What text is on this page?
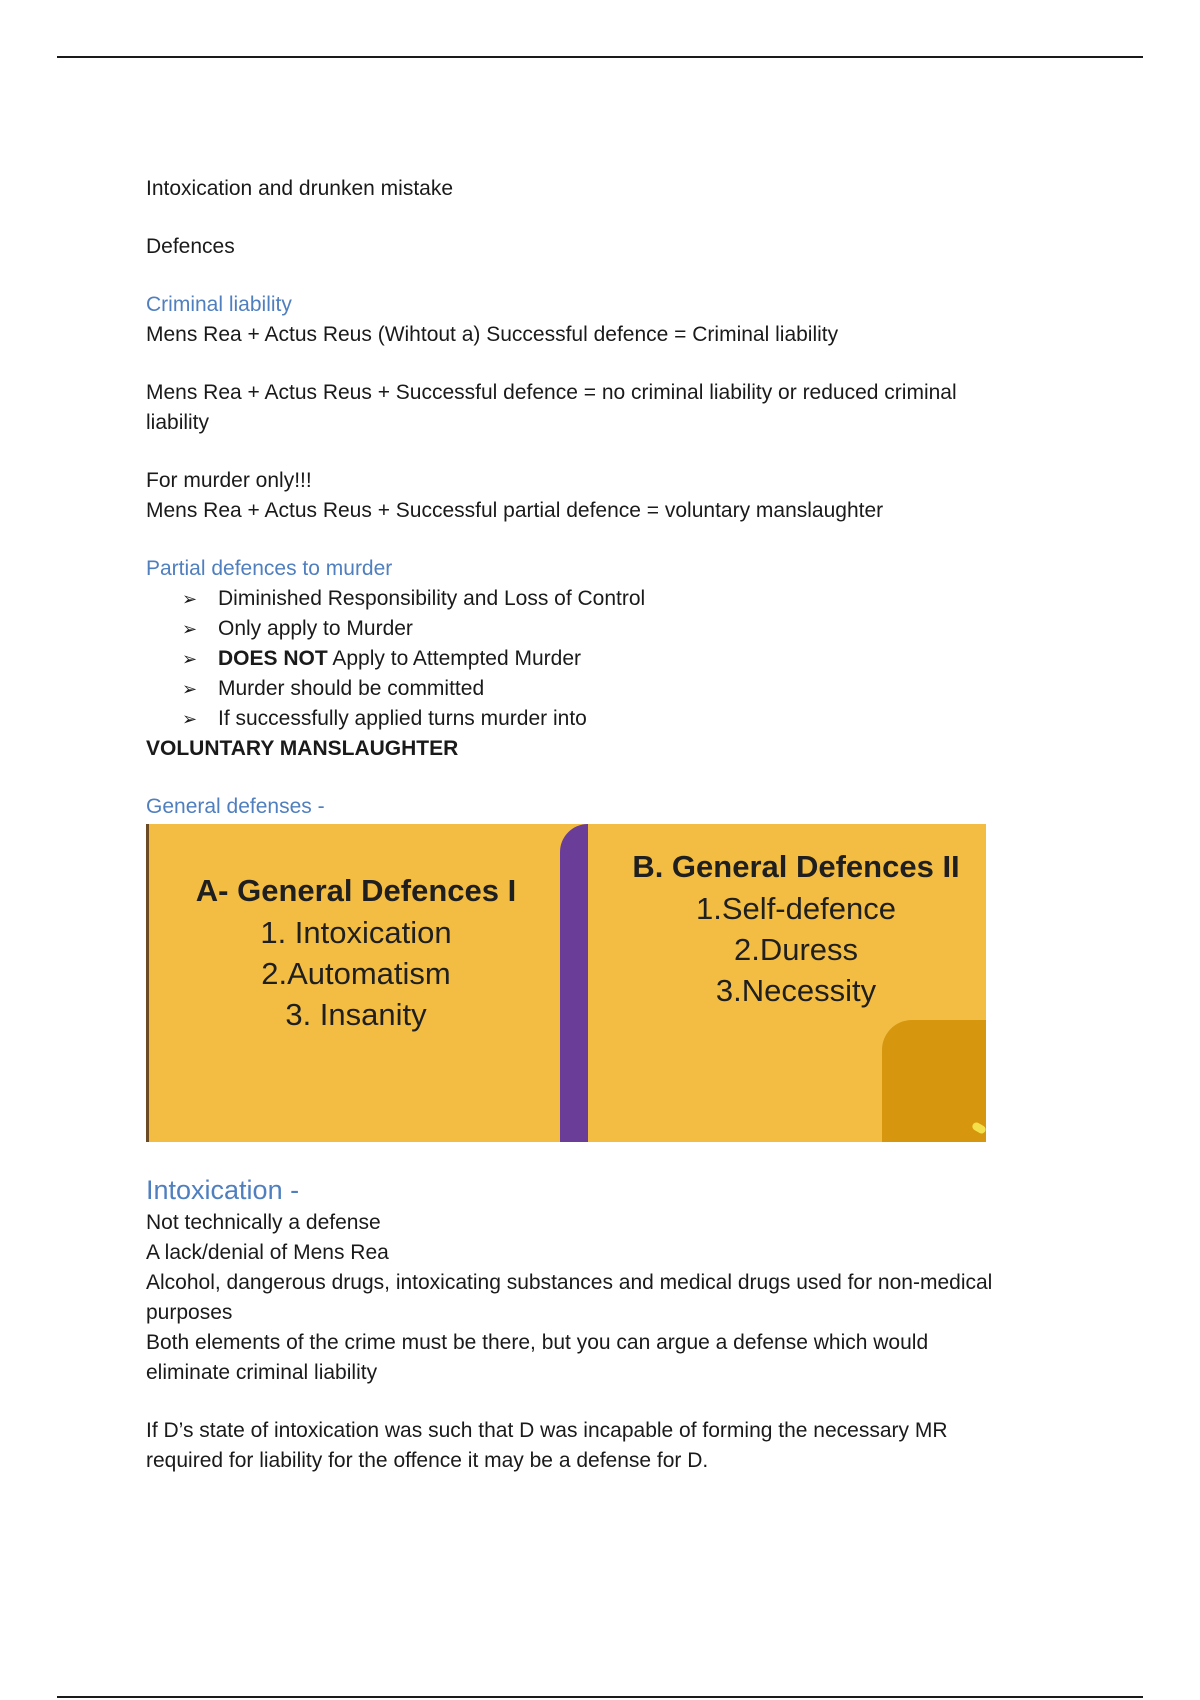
Intoxication and drunken mistake

Defences

Criminal liability

Mens Rea + Actus Reus (Wihtout a) Successful defence = Criminal liability

Mens Rea + Actus Reus + Successful defence = no criminal liability or reduced criminal liability

For murder only!!!

Mens Rea + Actus Reus + Successful partial defence = voluntary manslaughter

Partial defences to murder

➢ Diminished Responsibility and Loss of Control
➢ Only apply to Murder
➢ DOES NOT Apply to Attempted Murder
➢ Murder should be committed
➢ If successfully applied turns murder into

VOLUNTARY MANSLAUGHTER

General defenses -

A- General Defences I
1. Intoxication
2.Automatism
3. Insanity
B. General Defences II
1.Self-defence
2.Duress
3.Necessity

Intoxication -

Not technically a defense

A lack/denial of Mens Rea

Alcohol, dangerous drugs, intoxicating substances and medical drugs used for non-medical purposes

Both elements of the crime must be there, but you can argue a defense which would eliminate criminal liability

If D’s state of intoxication was such that D was incapable of forming the necessary MR required for liability for the offence it may be a defense for D.
